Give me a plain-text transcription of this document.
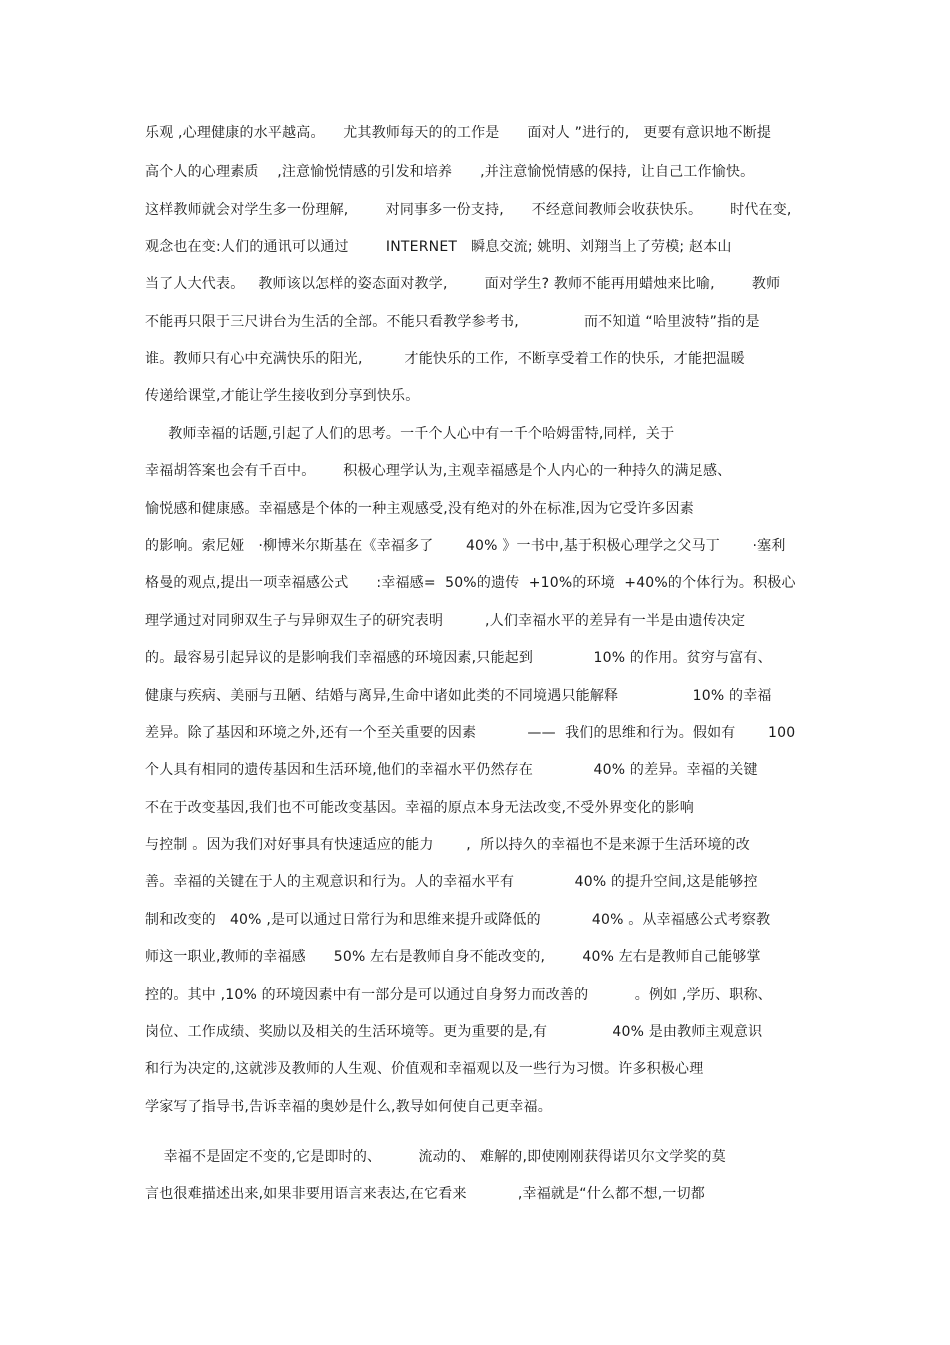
乐观 ,心理健康的水平越高。    尤其教师每天的的工作是      面对人 ”进行的,   更要有意识地不断提
高个人的心理素质    ,注意愉悦情感的引发和培养      ,并注意愉悦情感的保持,  让自己工作愉快。
这样教师就会对学生多一份理解,        对同事多一份支持,      不经意间教师会收获快乐。      时代在变,
观念也在变:人们的通讯可以通过        INTERNET   瞬息交流; 姚明、刘翔当上了劳模; 赵本山
当了人大代表。   教师该以怎样的姿态面对教学,        面对学生? 教师不能再用蜡烛来比喻,        教师
不能再只限于三尺讲台为生活的全部。不能只看教学参考书,              而不知道 “哈里波特”指的是
谁。教师只有心中充满快乐的阳光,         才能快乐的工作,  不断享受着工作的快乐,  才能把温暖
传递给课堂,才能让学生接收到分享到快乐。
教师幸福的话题,引起了人们的思考。一千个人心中有一千个哈姆雷特,同样,  关于
幸福胡答案也会有千百中。      积极心理学认为,主观幸福感是个人内心的一种持久的满足感、
愉悦感和健康感。幸福感是个体的一种主观感受,没有绝对的外在标准,因为它受许多因素
的影响。索尼娅   ·柳博米尔斯基在《幸福多了       40% 》一书中,基于积极心理学之父马丁       ·塞利
格曼的观点,提出一项幸福感公式      :幸福感=  50%的遗传  +10%的环境  +40%的个体行为。积极心
理学通过对同卵双生子与异卵双生子的研究表明         ,人们幸福水平的差异有一半是由遗传决定
的。最容易引起异议的是影响我们幸福感的环境因素,只能起到             10% 的作用。贫穷与富有、
健康与疾病、美丽与丑陋、结婚与离异,生命中诸如此类的不同境遇只能解释                10% 的幸福
差异。除了基因和环境之外,还有一个至关重要的因素           ——  我们的思维和行为。假如有       100
个人具有相同的遗传基因和生活环境,他们的幸福水平仍然存在             40% 的差异。幸福的关键
不在于改变基因,我们也不可能改变基因。幸福的原点本身无法改变,不受外界变化的影响
与控制 。因为我们对好事具有快速适应的能力       ,  所以持久的幸福也不是来源于生活环境的改
善。幸福的关键在于人的主观意识和行为。人的幸福水平有             40% 的提升空间,这是能够控
制和改变的   40% ,是可以通过日常行为和思维来提升或降低的           40% 。从幸福感公式考察教
师这一职业,教师的幸福感      50% 左右是教师自身不能改变的,        40% 左右是教师自己能够掌
控的。其中 ,10% 的环境因素中有一部分是可以通过自身努力而改善的          。例如 ,学历、职称、
岗位、工作成绩、奖励以及相关的生活环境等。更为重要的是,有              40% 是由教师主观意识
和行为决定的,这就涉及教师的人生观、价值观和幸福观以及一些行为习惯。许多积极心理
学家写了指导书,告诉幸福的奥妙是什么,教导如何使自己更幸福。
幸福不是固定不变的,它是即时的、        流动的、 难解的,即使刚刚获得诺贝尔文学奖的莫
言也很难描述出来,如果非要用语言来表达,在它看来           ,幸福就是“什么都不想,一切都
